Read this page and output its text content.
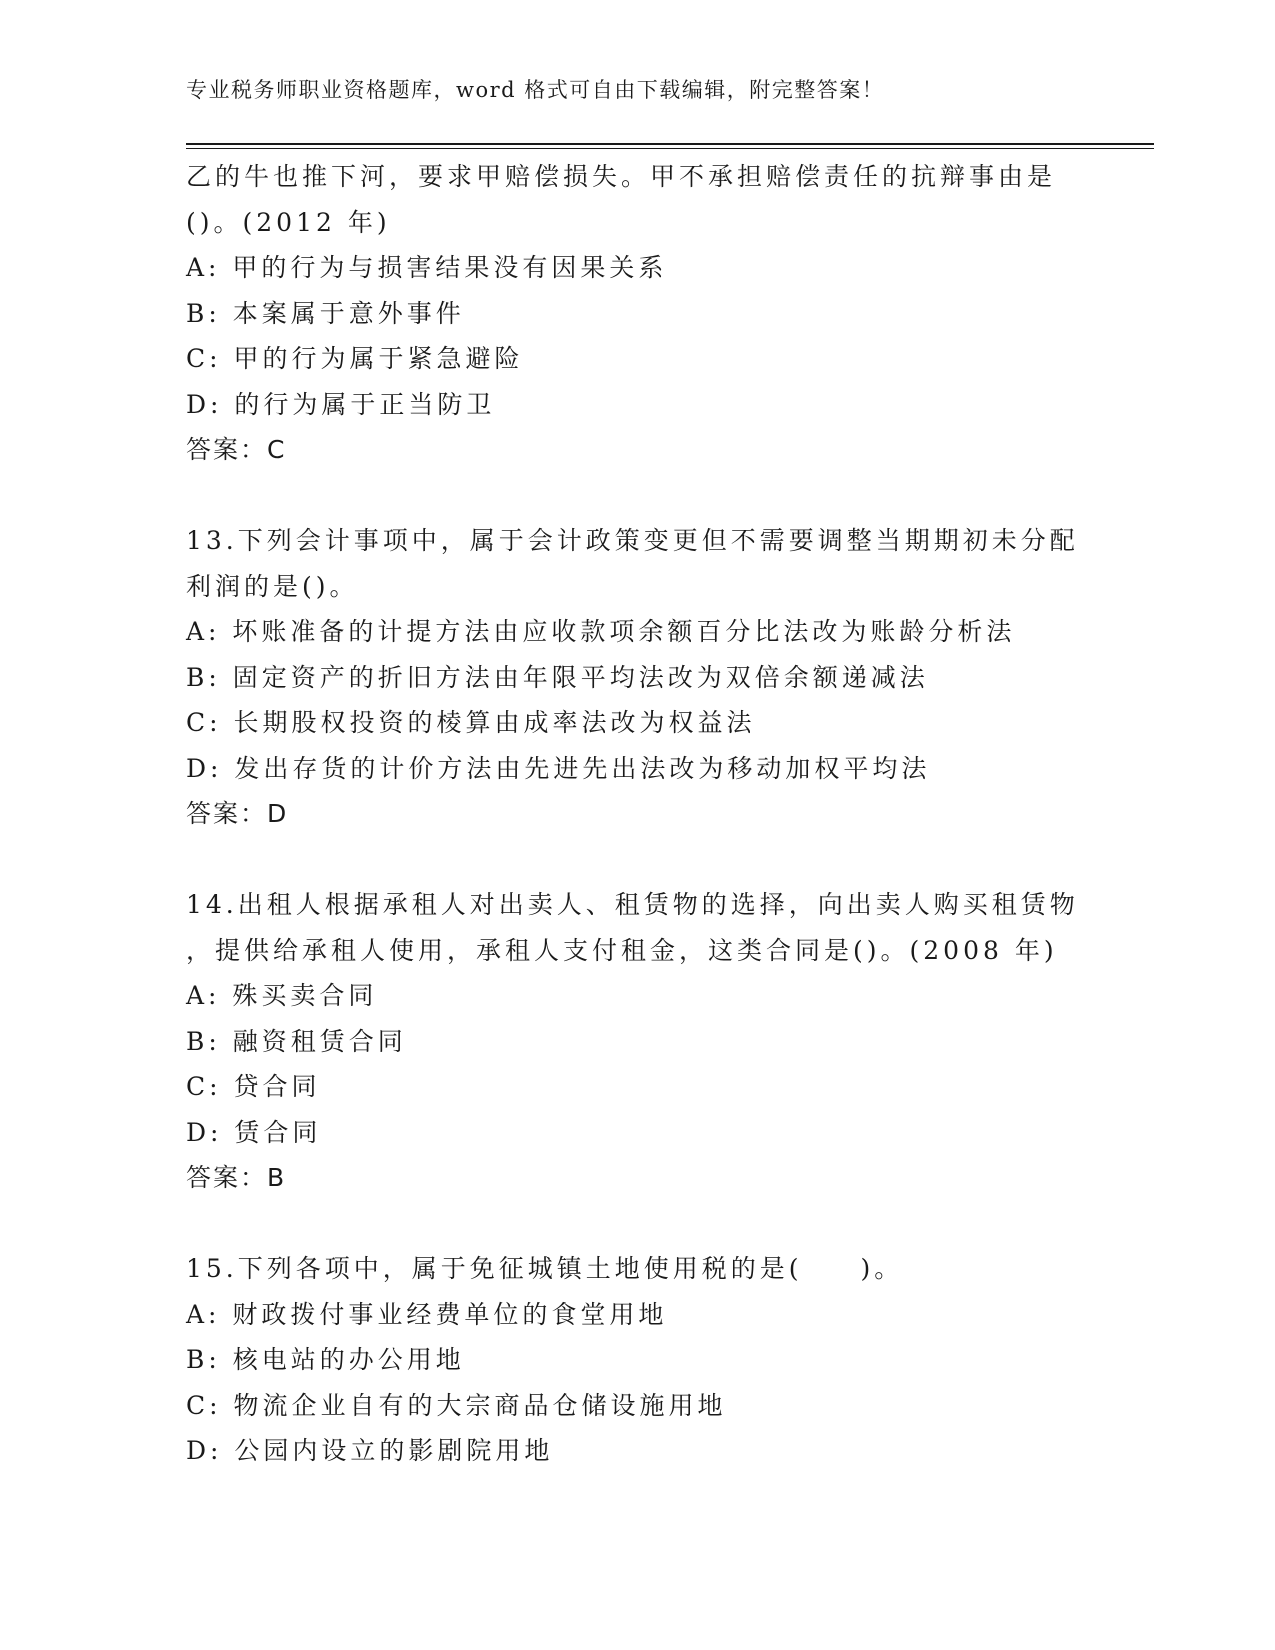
专业税务师职业资格题库，word 格式可自由下载编辑，附完整答案！
乙的牛也推下河，要求甲赔偿损失。甲不承担赔偿责任的抗辩事由是
()。(2012 年)
A: 甲的行为与损害结果没有因果关系
B: 本案属于意外事件
C: 甲的行为属于紧急避险
D: 的行为属于正当防卫
答案：C
13.下列会计事项中，属于会计政策变更但不需要调整当期期初未分配
利润的是()。
A: 坏账准备的计提方法由应收款项余额百分比法改为账龄分析法
B: 固定资产的折旧方法由年限平均法改为双倍余额递减法
C: 长期股权投资的棱算由成率法改为权益法
D: 发出存货的计价方法由先进先出法改为移动加权平均法
答案：D
14.出租人根据承租人对出卖人、租赁物的选择，向出卖人购买租赁物
，提供给承租人使用，承租人支付租金，这类合同是()。(2008 年)
A: 殊买卖合同
B: 融资租赁合同
C: 贷合同
D: 赁合同
答案：B
15.下列各项中，属于免征城镇土地使用税的是(　　)。
A: 财政拨付事业经费单位的食堂用地
B: 核电站的办公用地
C: 物流企业自有的大宗商品仓储设施用地
D: 公园内设立的影剧院用地
